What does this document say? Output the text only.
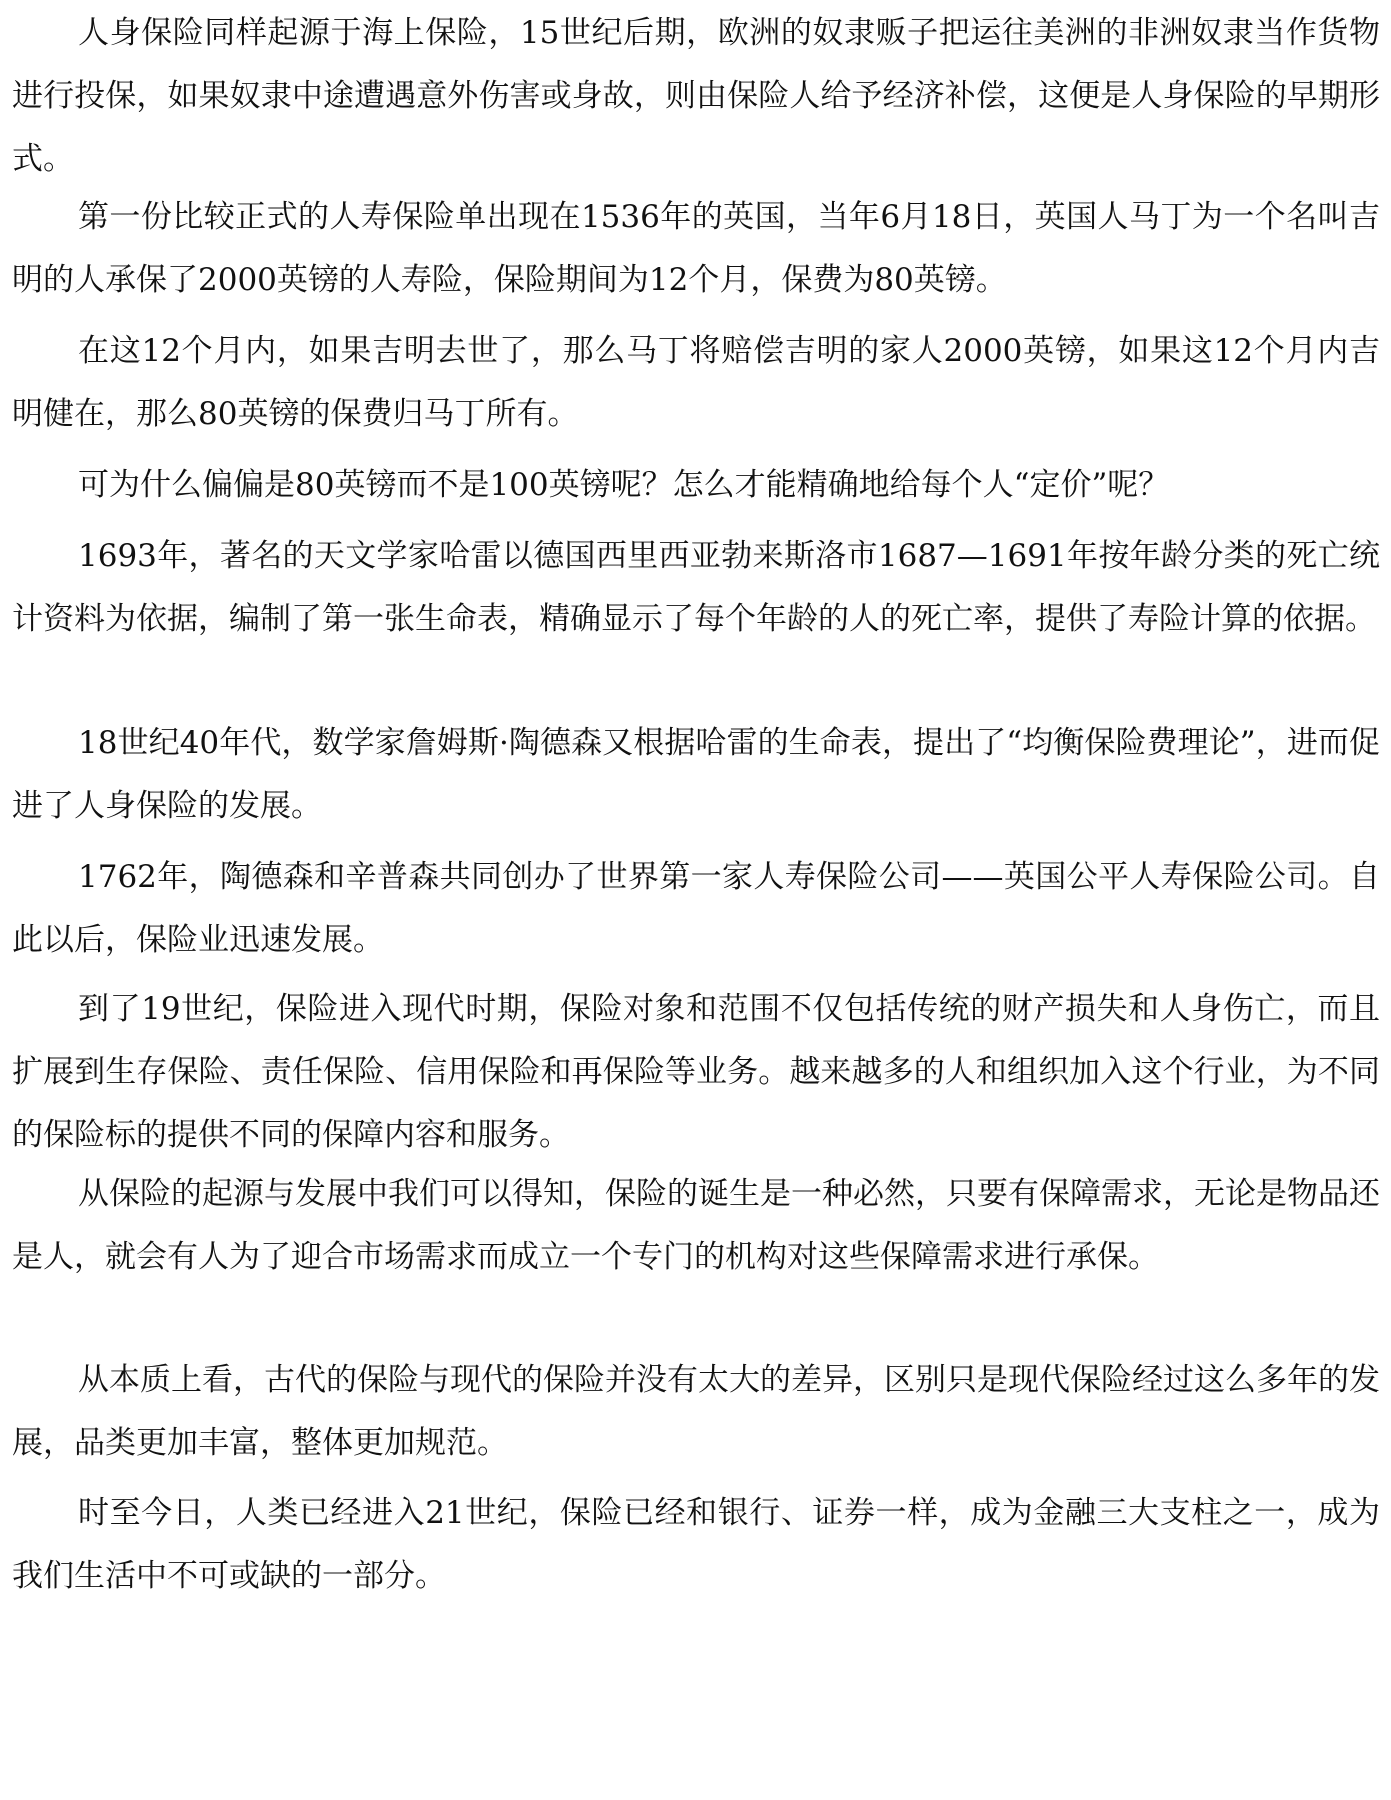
人身保险同样起源于海上保险，15世纪后期，欧洲的奴隶贩子把运往美洲的非洲奴隶当作货物进行投保，如果奴隶中途遭遇意外伤害或身故，则由保险人给予经济补偿，这便是人身保险的早期形式。

第一份比较正式的人寿保险单出现在1536年的英国，当年6月18日，英国人马丁为一个名叫吉明的人承保了2000英镑的人寿险，保险期间为12个月，保费为80英镑。

在这12个月内，如果吉明去世了，那么马丁将赔偿吉明的家人2000英镑，如果这12个月内吉明健在，那么80英镑的保费归马丁所有。

可为什么偏偏是80英镑而不是100英镑呢？怎么才能精确地给每个人“定价”呢？

1693年，著名的天文学家哈雷以德国西里西亚勃来斯洛市1687—1691年按年龄分类的死亡统计资料为依据，编制了第一张生命表，精确显示了每个年龄的人的死亡率，提供了寿险计算的依据。

18世纪40年代，数学家詹姆斯·陶德森又根据哈雷的生命表，提出了“均衡保险费理论”，进而促进了人身保险的发展。

1762年，陶德森和辛普森共同创办了世界第一家人寿保险公司——英国公平人寿保险公司。自此以后，保险业迅速发展。

到了19世纪，保险进入现代时期，保险对象和范围不仅包括传统的财产损失和人身伤亡，而且扩展到生存保险、责任保险、信用保险和再保险等业务。越来越多的人和组织加入这个行业，为不同的保险标的提供不同的保障内容和服务。

从保险的起源与发展中我们可以得知，保险的诞生是一种必然，只要有保障需求，无论是物品还是人，就会有人为了迎合市场需求而成立一个专门的机构对这些保障需求进行承保。

从本质上看，古代的保险与现代的保险并没有太大的差异，区别只是现代保险经过这么多年的发展，品类更加丰富，整体更加规范。

时至今日，人类已经进入21世纪，保险已经和银行、证券一样，成为金融三大支柱之一，成为我们生活中不可或缺的一部分。
